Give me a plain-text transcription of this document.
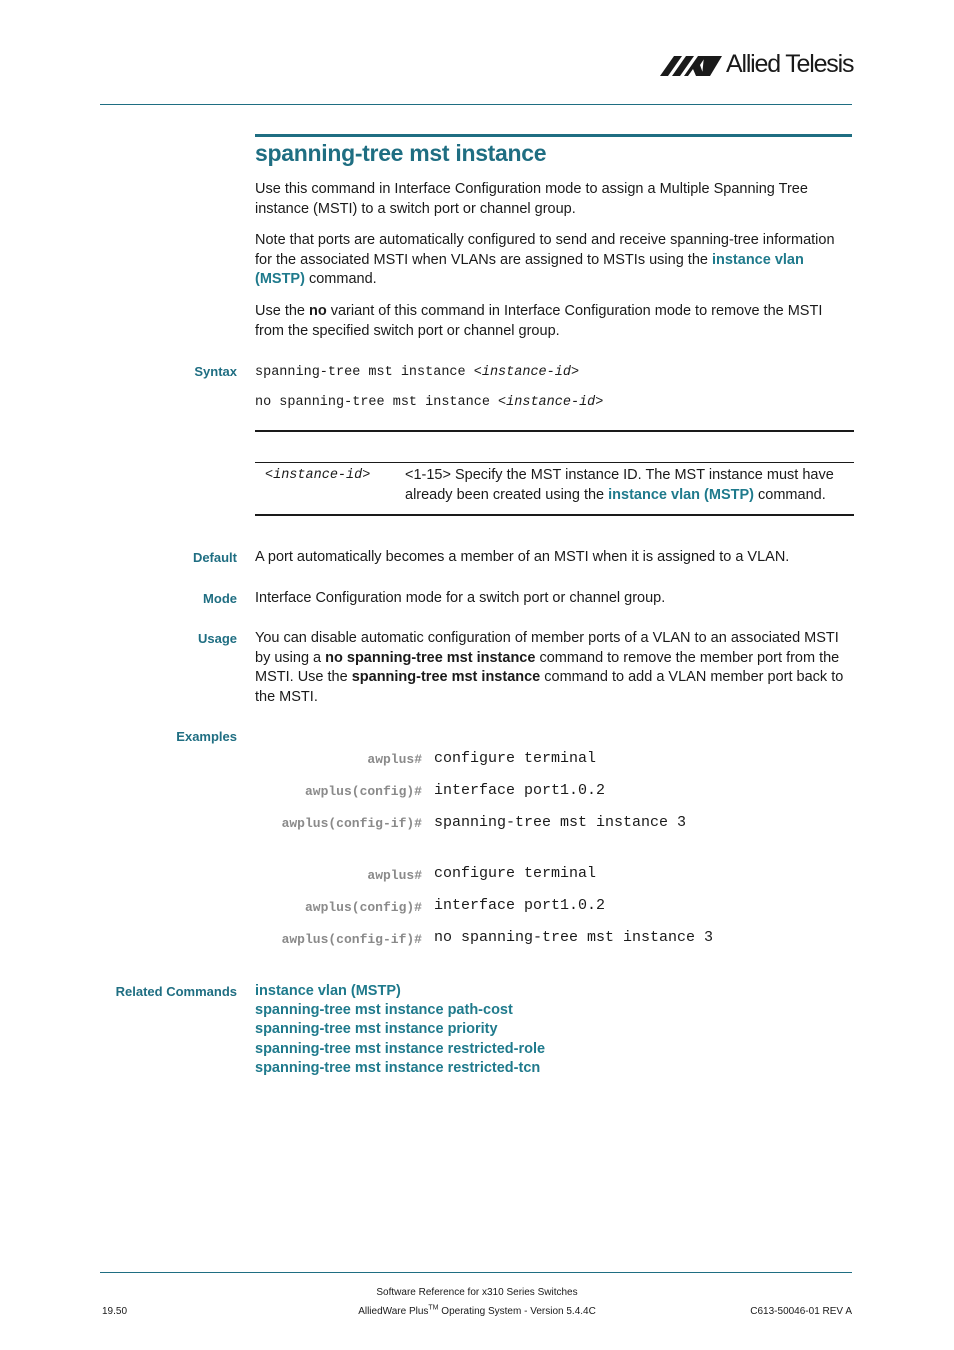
Allied Telesis
spanning-tree mst instance

Use this command in Interface Configuration mode to assign a Multiple Spanning Tree instance (MSTI) to a switch port or channel group.

Note that ports are automatically configured to send and receive spanning-tree information for the associated MSTI when VLANs are assigned to MSTIs using the instance vlan (MSTP) command.

Use the no variant of this command in Interface Configuration mode to remove the MSTI from the specified switch port or channel group.

Syntax spanning-tree mst instance <instance-id>
no spanning-tree mst instance <instance-id>
<instance-id> <1-15> Specify the MST instance ID. The MST instance must have already been created using the instance vlan (MSTP) command.
Default A port automatically becomes a member of an MSTI when it is assigned to a VLAN.

Mode Interface Configuration mode for a switch port or channel group.

Usage You can disable automatic configuration of member ports of a VLAN to an associated MSTI by using a no spanning-tree mst instance command to remove the member port from the MSTI. Use the spanning-tree mst instance command to add a VLAN member port back to the MSTI.

Examples
awplus# configure terminal
awplus(config)# interface port1.0.2
awplus(config-if)# spanning-tree mst instance 3
awplus# configure terminal
awplus(config)# interface port1.0.2
awplus(config-if)# no spanning-tree mst instance 3
Related Commands instance vlan (MSTP)
spanning-tree mst instance path-cost
spanning-tree mst instance priority
spanning-tree mst instance restricted-role
spanning-tree mst instance restricted-tcn
Software Reference for x310 Series Switches
19.50	AlliedWare Plus™ Operating System - Version 5.4.4C	C613-50046-01 REV A
